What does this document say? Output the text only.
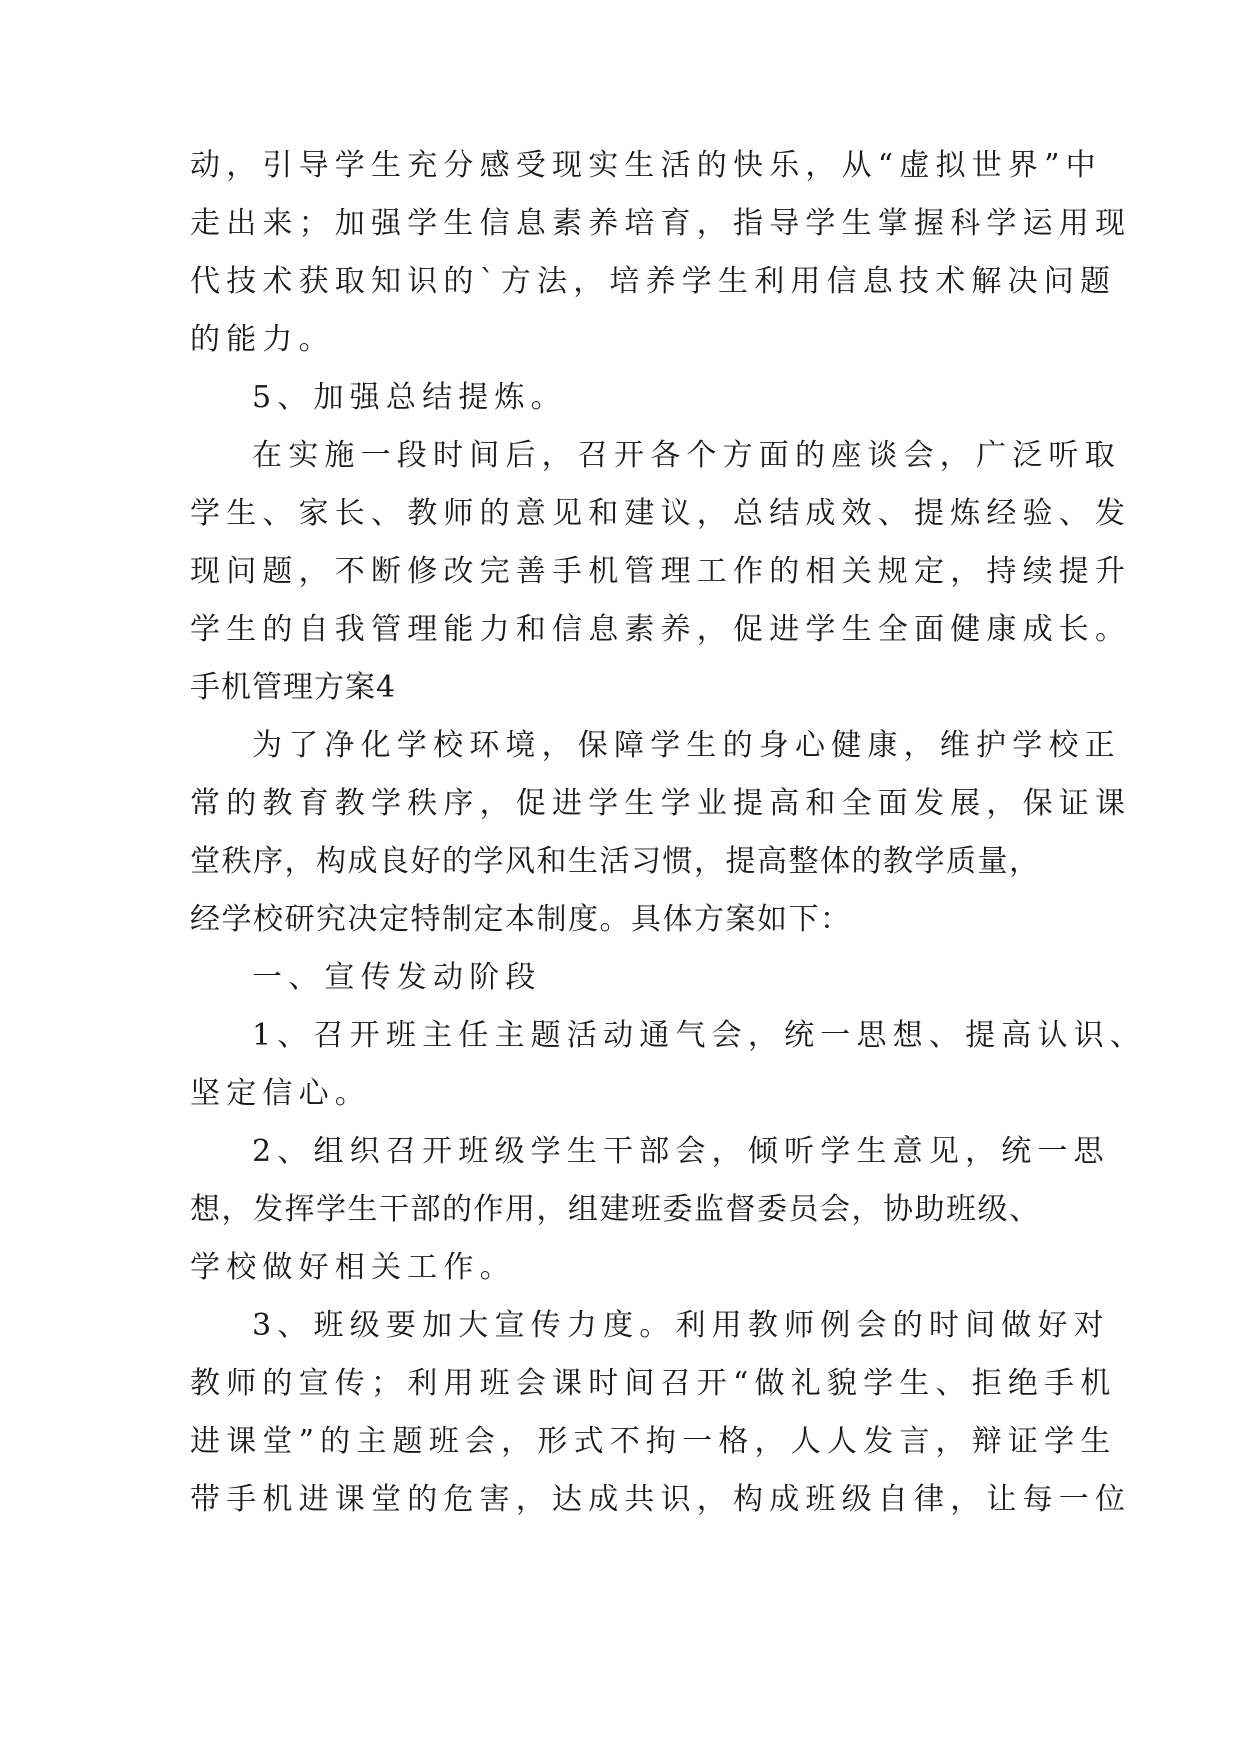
动，引导学生充分感受现实生活的快乐，从“虚拟世界”中
走出来；加强学生信息素养培育，指导学生掌握科学运用现
代技术获取知识的`方法，培养学生利用信息技术解决问题
的能力。
5、加强总结提炼。
在实施一段时间后，召开各个方面的座谈会，广泛听取
学生、家长、教师的意见和建议，总结成效、提炼经验、发
现问题，不断修改完善手机管理工作的相关规定，持续提升
学生的自我管理能力和信息素养，促进学生全面健康成长。
手机管理方案4
为了净化学校环境，保障学生的身心健康，维护学校正
常的教育教学秩序，促进学生学业提高和全面发展，保证课
堂秩序，构成良好的学风和生活习惯，提高整体的教学质量，
经学校研究决定特制定本制度。具体方案如下：
一、宣传发动阶段
1、召开班主任主题活动通气会，统一思想、提高认识、
坚定信心。
2、组织召开班级学生干部会，倾听学生意见，统一思
想，发挥学生干部的作用，组建班委监督委员会，协助班级、
学校做好相关工作。
3、班级要加大宣传力度。利用教师例会的时间做好对
教师的宣传；利用班会课时间召开“做礼貌学生、拒绝手机
进课堂”的主题班会，形式不拘一格，人人发言，辩证学生
带手机进课堂的危害，达成共识，构成班级自律，让每一位
